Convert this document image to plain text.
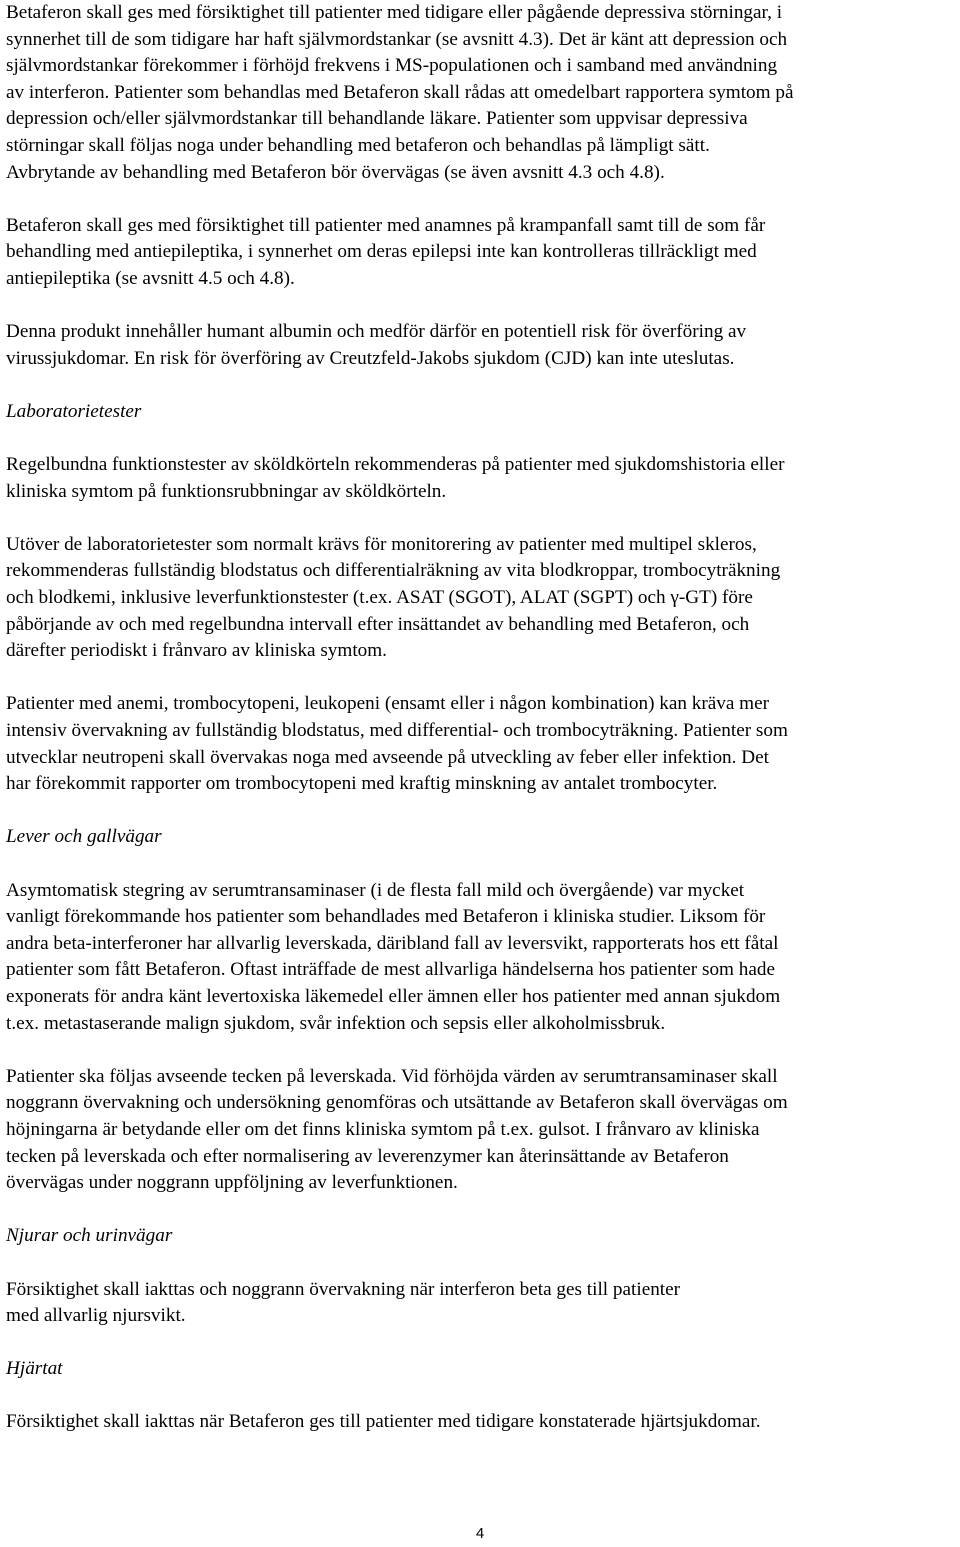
Betaferon skall ges med försiktighet till patienter med tidigare eller pågående depressiva störningar, i

synnerhet till de som tidigare har haft självmordstankar (se avsnitt 4.3). Det är känt att depression och

självmordstankar förekommer i förhöjd frekvens i MS-populationen och i samband med användning

av interferon. Patienter som behandlas med Betaferon skall rådas att omedelbart rapportera symtom på

depression och/eller självmordstankar till behandlande läkare. Patienter som uppvisar depressiva

störningar skall följas noga under behandling med betaferon och behandlas på lämpligt sätt.

Avbrytande av behandling med Betaferon bör övervägas (se även avsnitt 4.3 och 4.8).

Betaferon skall ges med försiktighet till patienter med anamnes på krampanfall samt till de som får

behandling med antiepileptika, i synnerhet om deras epilepsi inte kan kontrolleras tillräckligt med

antiepileptika (se avsnitt 4.5 och 4.8).

Denna produkt innehåller humant albumin och medför därför en potentiell risk för överföring av

virussjukdomar. En risk för överföring av Creutzfeld-Jakobs sjukdom (CJD) kan inte uteslutas.

Laboratorietester

Regelbundna funktionstester av sköldkörteln rekommenderas på patienter med sjukdomshistoria eller

kliniska symtom på funktionsrubbningar av sköldkörteln.

Utöver de laboratorietester som normalt krävs för monitorering av patienter med multipel skleros,

rekommenderas fullständig blodstatus och differentialräkning av vita blodkroppar, trombocyträkning

och blodkemi, inklusive leverfunktionstester (t.ex. ASAT (SGOT), ALAT (SGPT) och γ-GT) före

påbörjande av och med regelbundna intervall efter insättandet av behandling med Betaferon, och

därefter periodiskt i frånvaro av kliniska symtom.

Patienter med anemi, trombocytopeni, leukopeni (ensamt eller i någon kombination) kan kräva mer

intensiv övervakning av fullständig blodstatus, med differential- och trombocyträkning. Patienter som

utvecklar neutropeni skall övervakas noga med avseende på utveckling av feber eller infektion. Det

har förekommit rapporter om trombocytopeni med kraftig minskning av antalet trombocyter.

Lever och gallvägar

Asymtomatisk stegring av serumtransaminaser (i de flesta fall mild och övergående) var mycket

vanligt förekommande hos patienter som behandlades med Betaferon i kliniska studier. Liksom för

andra beta-interferoner har allvarlig leverskada, däribland fall av leversvikt, rapporterats hos ett fåtal

patienter som fått Betaferon. Oftast inträffade de mest allvarliga händelserna hos patienter som hade

exponerats för andra känt levertoxiska läkemedel eller ämnen eller hos patienter med annan sjukdom

t.ex. metastaserande malign sjukdom, svår infektion och sepsis eller alkoholmissbruk.

Patienter ska följas avseende tecken på leverskada. Vid förhöjda värden av serumtransaminaser skall

noggrann övervakning och undersökning genomföras och utsättande av Betaferon skall övervägas om

höjningarna är betydande eller om det finns kliniska symtom på t.ex. gulsot. I frånvaro av kliniska

tecken på leverskada och efter normalisering av leverenzymer kan återinsättande av Betaferon

övervägas under noggrann uppföljning av leverfunktionen.

Njurar och urinvägar

Försiktighet skall iakttas och noggrann övervakning när interferon beta ges till patienter

med allvarlig njursvikt.

Hjärtat

Försiktighet skall iakttas när Betaferon ges till patienter med tidigare konstaterade hjärtsjukdomar.

4
